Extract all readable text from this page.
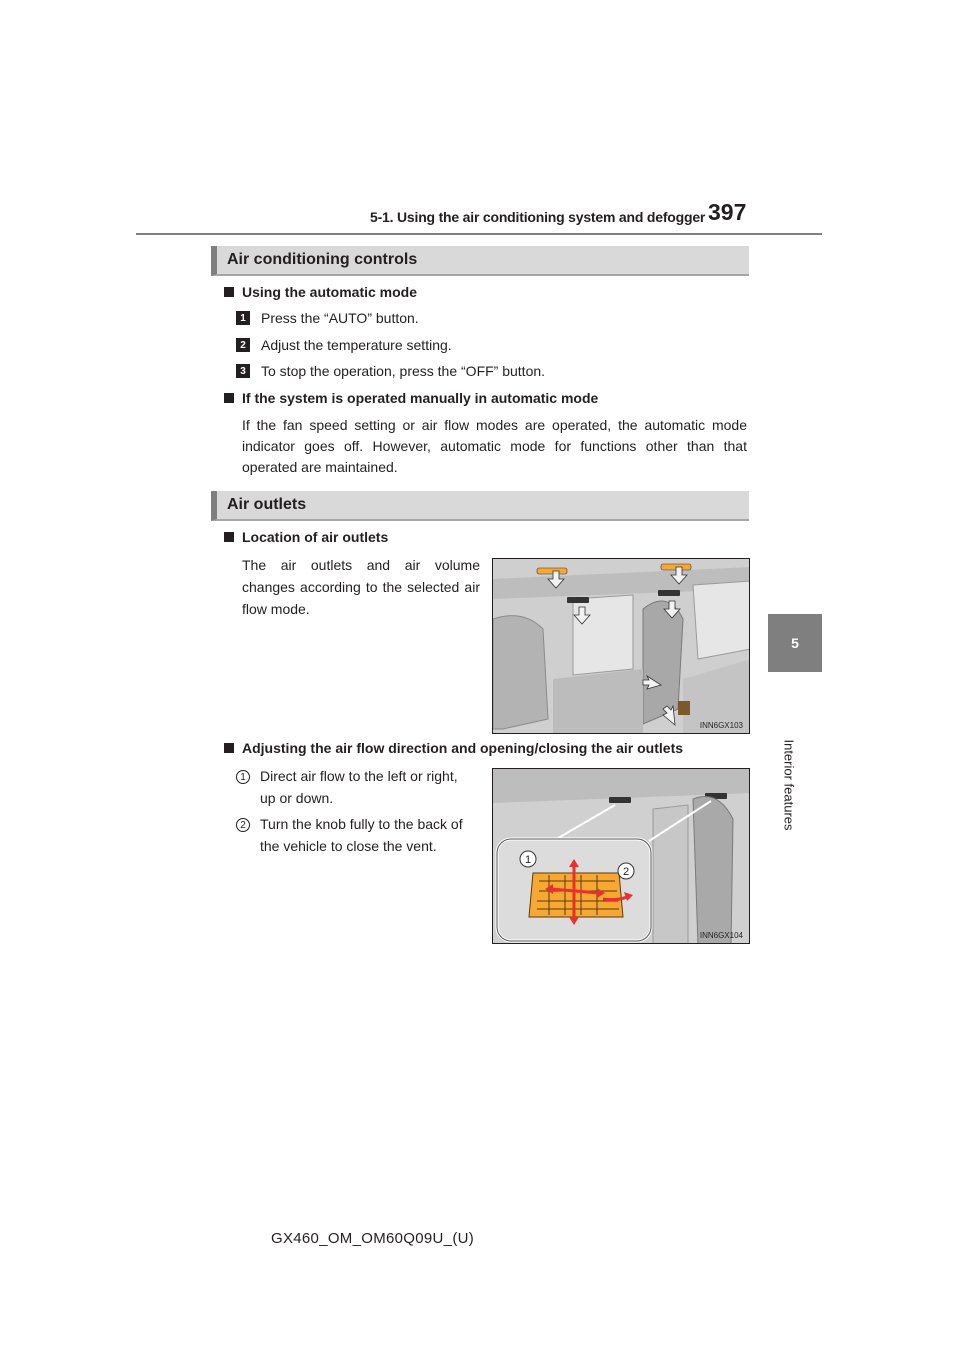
5-1. Using the air conditioning system and defogger 397
5
Interior features
Air conditioning controls
Using the automatic mode
1	Press the “AUTO” button.
2	Adjust the temperature setting.
3	To stop the operation, press the “OFF” button.
If the system is operated manually in automatic mode
If the fan speed setting or air flow modes are operated, the automatic mode indicator goes off. However, automatic mode for functions other than that operated are maintained.
Air outlets
Location of air outlets
The air outlets and air volume changes according to the selected air flow mode.
INN6GX103
Adjusting the air flow direction and opening/closing the air outlets
1	Direct air flow to the left or right,
up or down.
2	Turn the knob fully to the back of
the vehicle to close the vent.
1
2
INN6GX104
GX460_OM_OM60Q09U_(U)
